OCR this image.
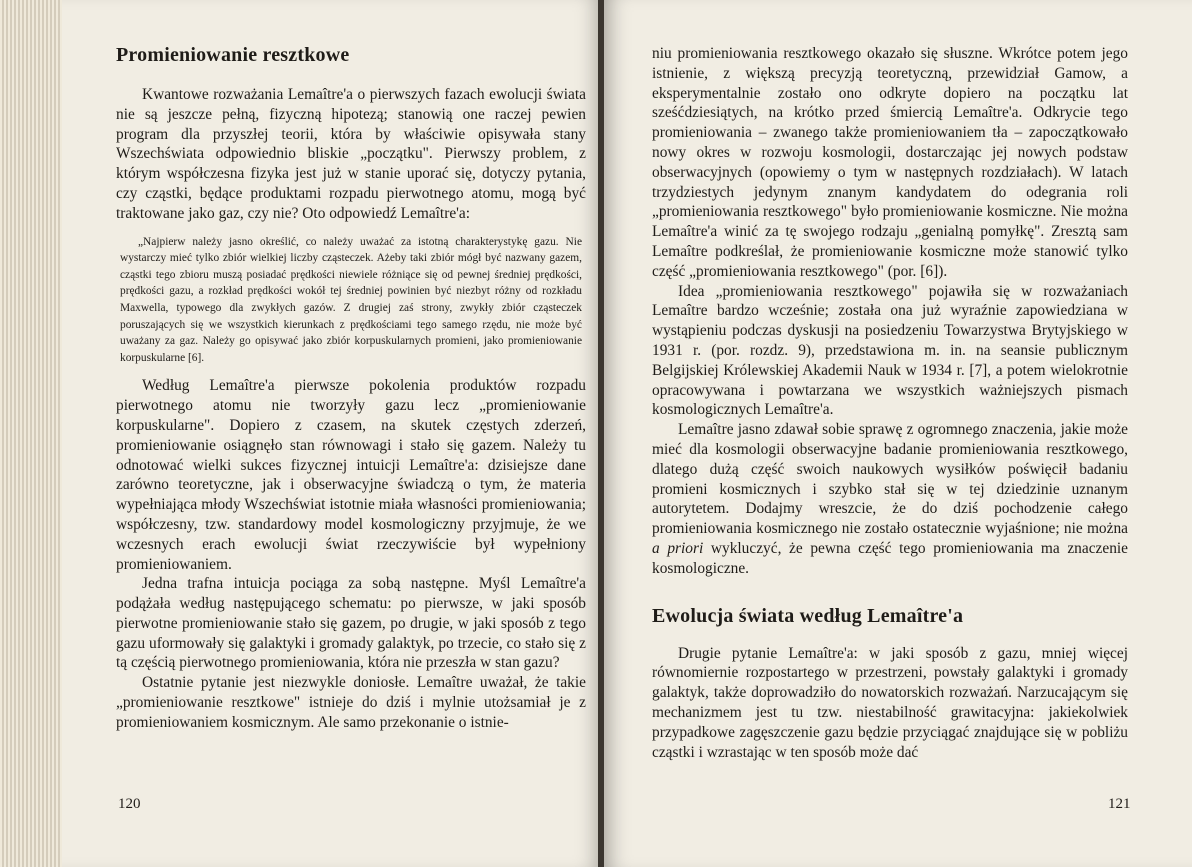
Promieniowanie resztkowe

Kwantowe rozważania Lemaître'a o pierwszych fazach ewolucji świata nie są jeszcze pełną, fizyczną hipotezą; stanowią one raczej pewien program dla przyszłej teorii, która by właściwie opisywała stany Wszechświata odpowiednio bliskie „początku". Pierwszy problem, z którym współczesna fizyka jest już w stanie uporać się, dotyczy pytania, czy cząstki, będące produktami rozpadu pierwotnego atomu, mogą być traktowane jako gaz, czy nie? Oto odpowiedź Lemaître'a:

„Najpierw należy jasno określić, co należy uważać za istotną charakterystykę gazu. Nie wystarczy mieć tylko zbiór wielkiej liczby cząsteczek. Ażeby taki zbiór mógł być nazwany gazem, cząstki tego zbioru muszą posiadać prędkości niewiele różniące się od pewnej średniej prędkości, prędkości gazu, a rozkład prędkości wokół tej średniej powinien być niezbyt różny od rozkładu Maxwella, typowego dla zwykłych gazów. Z drugiej zaś strony, zwykły zbiór cząsteczek poruszających się we wszystkich kierunkach z prędkościami tego samego rzędu, nie może być uważany za gaz. Należy go opisywać jako zbiór korpuskularnych promieni, jako promieniowanie korpuskularne [6].

Według Lemaître'a pierwsze pokolenia produktów rozpadu pierwotnego atomu nie tworzyły gazu lecz „promieniowanie korpuskularne". Dopiero z czasem, na skutek częstych zderzeń, promieniowanie osiągnęło stan równowagi i stało się gazem. Należy tu odnotować wielki sukces fizycznej intuicji Lemaître'a: dzisiejsze dane zarówno teoretyczne, jak i obserwacyjne świadczą o tym, że materia wypełniająca młody Wszechświat istotnie miała własności promieniowania; współczesny, tzw. standardowy model kosmologiczny przyjmuje, że we wczesnych erach ewolucji świat rzeczywiście był wypełniony promieniowaniem.

Jedna trafna intuicja pociąga za sobą następne. Myśl Lemaître'a podążała według następującego schematu: po pierwsze, w jaki sposób pierwotne promieniowanie stało się gazem, po drugie, w jaki sposób z tego gazu uformowały się galaktyki i gromady galaktyk, po trzecie, co stało się z tą częścią pierwotnego promieniowania, która nie przeszła w stan gazu?

Ostatnie pytanie jest niezwykle doniosłe. Lemaître uważał, że takie „promieniowanie resztkowe" istnieje do dziś i mylnie utożsamiał je z promieniowaniem kosmicznym. Ale samo przekonanie o istnie-

120

niu promieniowania resztkowego okazało się słuszne. Wkrótce potem jego istnienie, z większą precyzją teoretyczną, przewidział Gamow, a eksperymentalnie zostało ono odkryte dopiero na początku lat sześćdziesiątych, na krótko przed śmiercią Lemaître'a. Odkrycie tego promieniowania – zwanego także promieniowaniem tła – zapoczątkowało nowy okres w rozwoju kosmologii, dostarczając jej nowych podstaw obserwacyjnych (opowiemy o tym w następnych rozdziałach). W latach trzydziestych jedynym znanym kandydatem do odegrania roli „promieniowania resztkowego" było promieniowanie kosmiczne. Nie można Lemaître'a winić za tę swojego rodzaju „genialną pomyłkę". Zresztą sam Lemaître podkreślał, że promieniowanie kosmiczne może stanowić tylko część „promieniowania resztkowego" (por. [6]).

Idea „promieniowania resztkowego" pojawiła się w rozważaniach Lemaître bardzo wcześnie; została ona już wyraźnie zapowiedziana w wystąpieniu podczas dyskusji na posiedzeniu Towarzystwa Brytyjskiego w 1931 r. (por. rozdz. 9), przedstawiona m. in. na seansie publicznym Belgijskiej Królewskiej Akademii Nauk w 1934 r. [7], a potem wielokrotnie opracowywana i powtarzana we wszystkich ważniejszych pismach kosmologicznych Lemaître'a.

Lemaître jasno zdawał sobie sprawę z ogromnego znaczenia, jakie może mieć dla kosmologii obserwacyjne badanie promieniowania resztkowego, dlatego dużą część swoich naukowych wysiłków poświęcił badaniu promieni kosmicznych i szybko stał się w tej dziedzinie uznanym autorytetem. Dodajmy wreszcie, że do dziś pochodzenie całego promieniowania kosmicznego nie zostało ostatecznie wyjaśnione; nie można a priori wykluczyć, że pewna część tego promieniowania ma znaczenie kosmologiczne.

Ewolucja świata według Lemaître'a

Drugie pytanie Lemaître'a: w jaki sposób z gazu, mniej więcej równomiernie rozpostartego w przestrzeni, powstały galaktyki i gromady galaktyk, także doprowadziło do nowatorskich rozważań. Narzucającym się mechanizmem jest tu tzw. niestabilność grawitacyjna: jakiekolwiek przypadkowe zagęszczenie gazu będzie przyciągać znajdujące się w pobliżu cząstki i wzrastając w ten sposób może dać

121
